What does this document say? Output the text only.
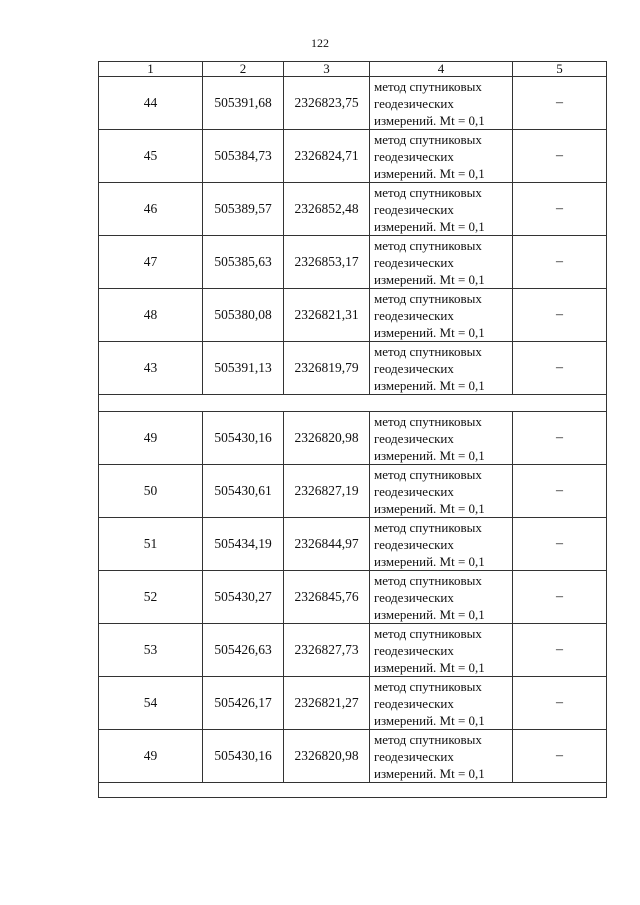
122
1	2	3	4	5
44	505391,68	2326823,75	метод спутниковых
геодезических
измерений. Mt = 0,1	–
45	505384,73	2326824,71	метод спутниковых
геодезических
измерений. Mt = 0,1	–
46	505389,57	2326852,48	метод спутниковых
геодезических
измерений. Mt = 0,1	–
47	505385,63	2326853,17	метод спутниковых
геодезических
измерений. Mt = 0,1	–
48	505380,08	2326821,31	метод спутниковых
геодезических
измерений. Mt = 0,1	–
43	505391,13	2326819,79	метод спутниковых
геодезических
измерений. Mt = 0,1	–

49	505430,16	2326820,98	метод спутниковых
геодезических
измерений. Mt = 0,1	–
50	505430,61	2326827,19	метод спутниковых
геодезических
измерений. Mt = 0,1	–
51	505434,19	2326844,97	метод спутниковых
геодезических
измерений. Mt = 0,1	–
52	505430,27	2326845,76	метод спутниковых
геодезических
измерений. Mt = 0,1	–
53	505426,63	2326827,73	метод спутниковых
геодезических
измерений. Mt = 0,1	–
54	505426,17	2326821,27	метод спутниковых
геодезических
измерений. Mt = 0,1	–
49	505430,16	2326820,98	метод спутниковых
геодезических
измерений. Mt = 0,1	–
